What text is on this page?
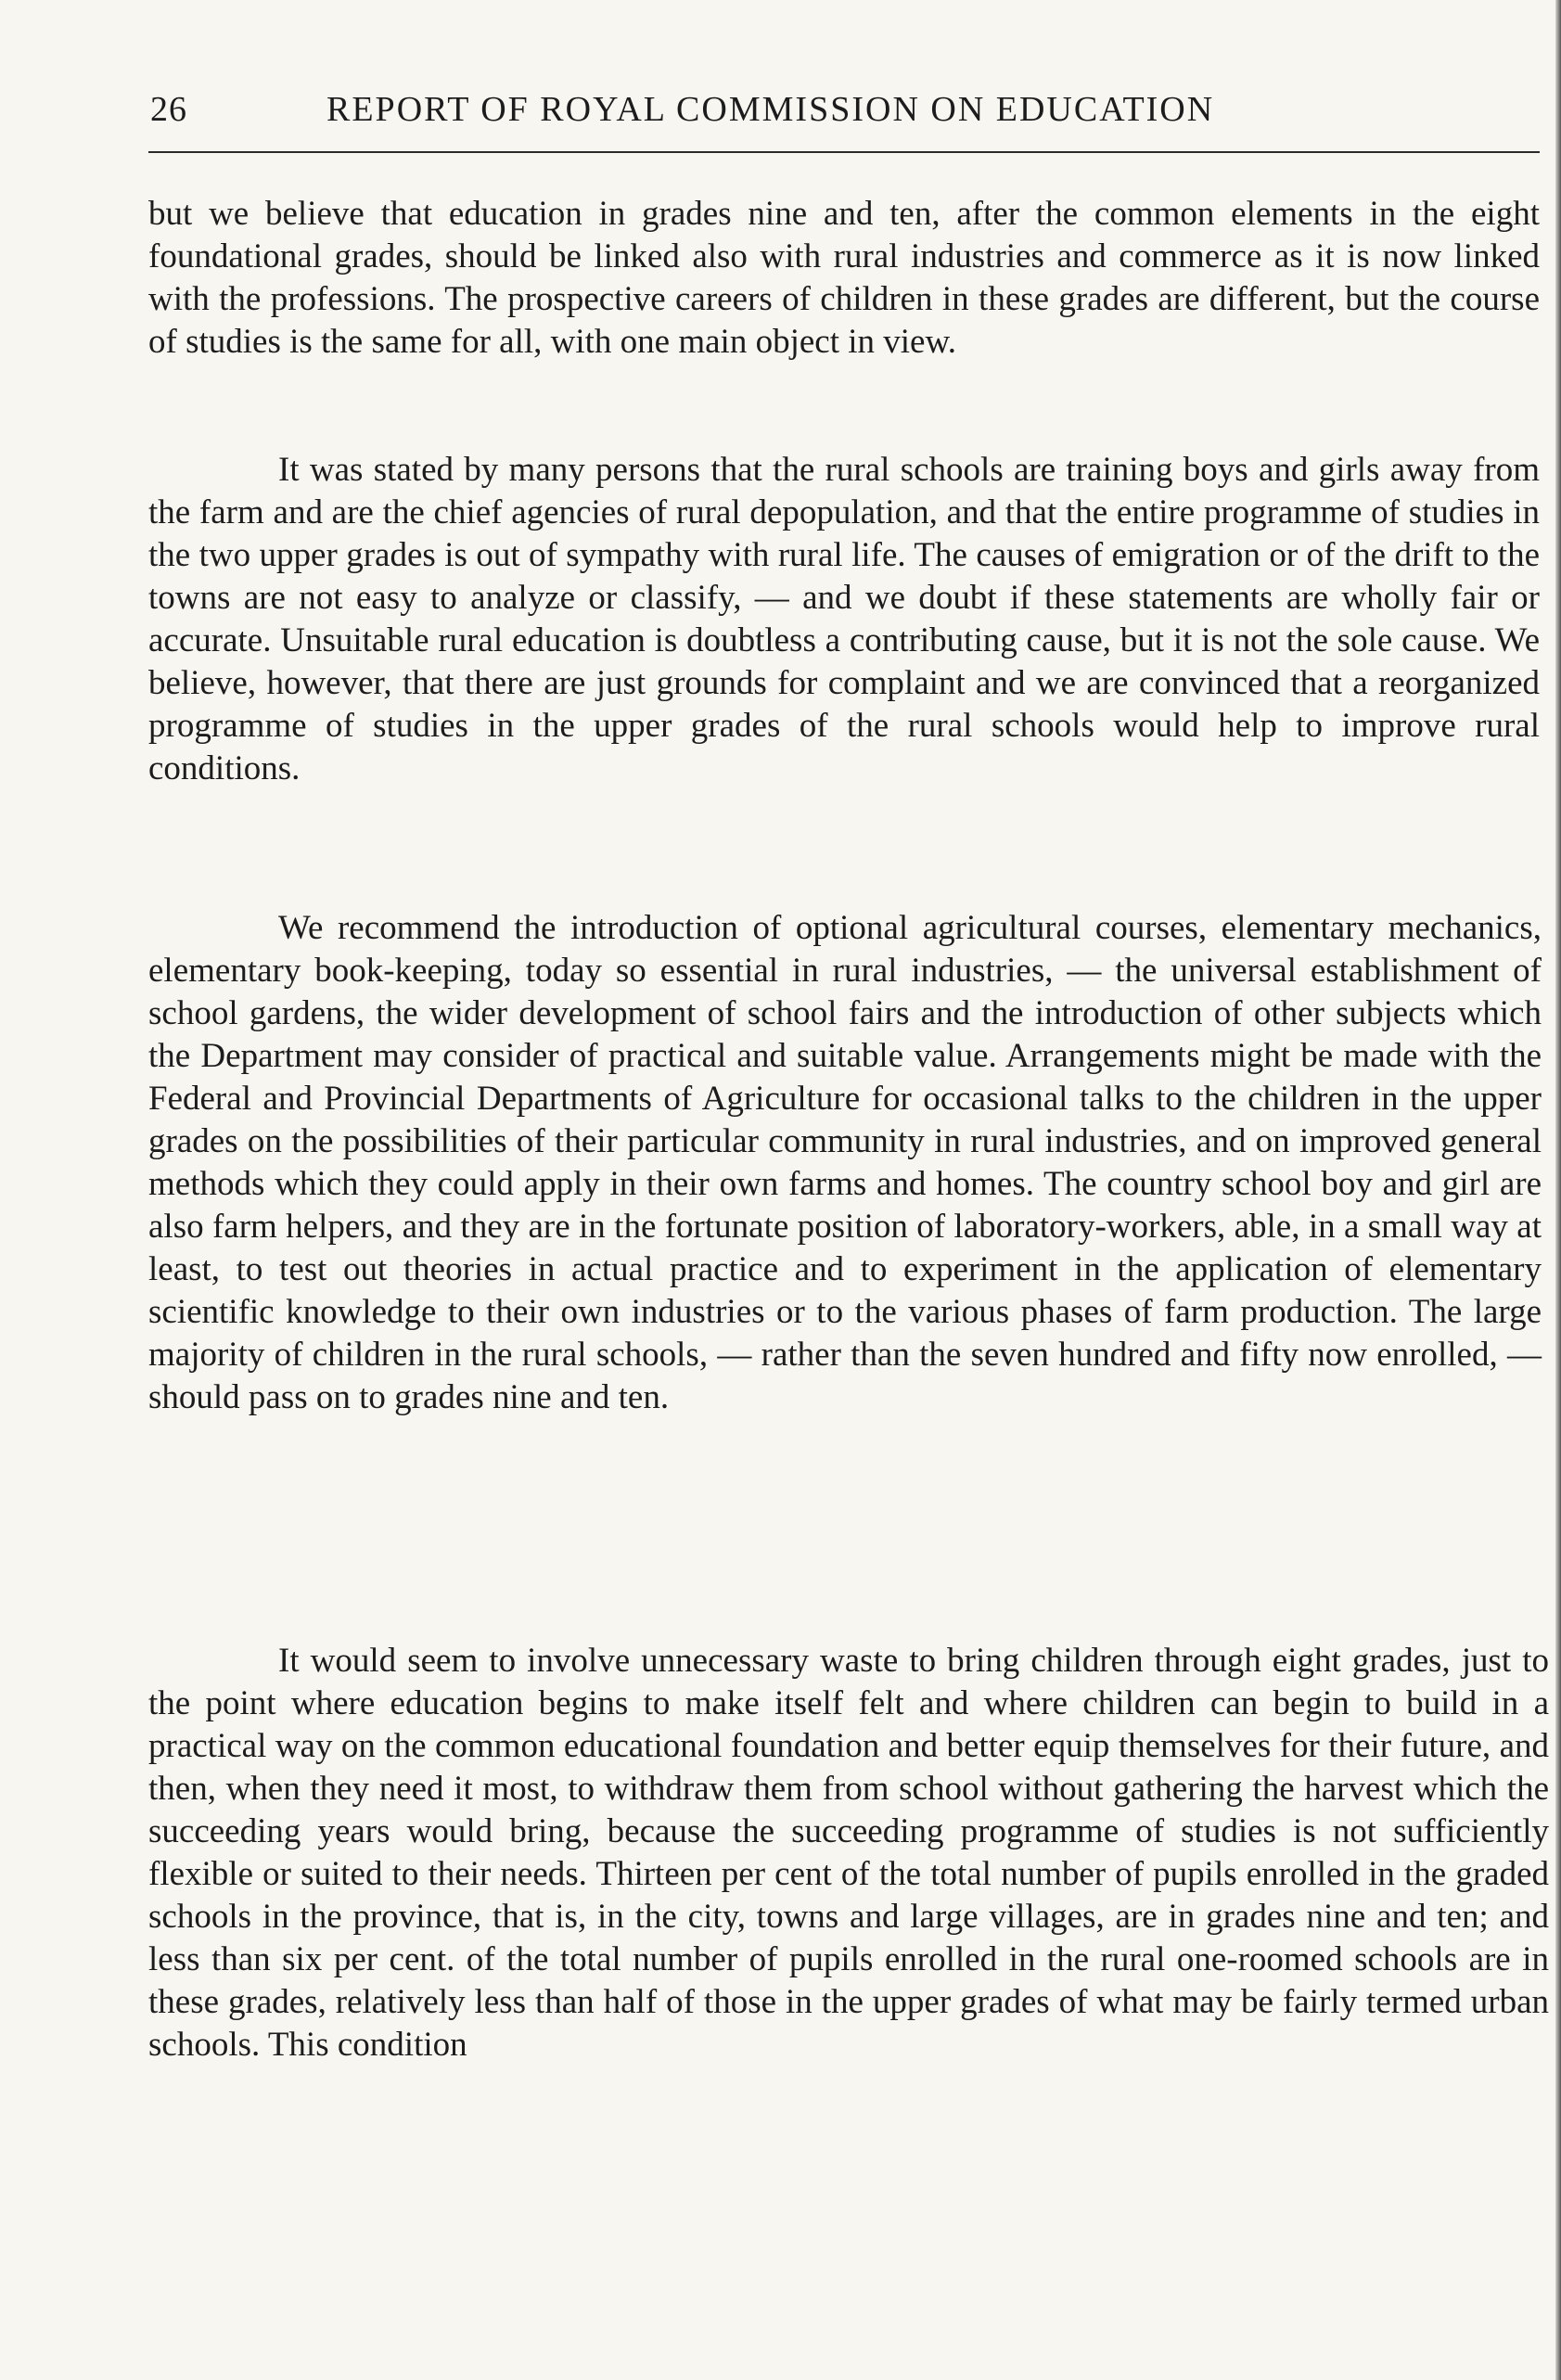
26	REPORT OF ROYAL COMMISSION ON EDUCATION

but we believe that education in grades nine and ten, after the common elements in the eight foundational grades, should be linked also with rural industries and commerce as it is now linked with the professions. The prospective careers of children in these grades are different, but the course of studies is the same for all, with one main object in view.

It was stated by many persons that the rural schools are training boys and girls away from the farm and are the chief agencies of rural depopulation, and that the entire programme of studies in the two upper grades is out of sympathy with rural life. The causes of emigration or of the drift to the towns are not easy to analyze or classify, — and we doubt if these statements are wholly fair or accurate. Unsuitable rural education is doubtless a contributing cause, but it is not the sole cause. We believe, however, that there are just grounds for complaint and we are convinced that a reorganized programme of studies in the upper grades of the rural schools would help to improve rural conditions.

We recommend the introduction of optional agricultural courses, elementary mechanics, elementary book-keeping, today so essential in rural industries, — the universal establishment of school gardens, the wider development of school fairs and the introduction of other subjects which the Department may consider of practical and suitable value. Arrangements might be made with the Federal and Provincial Departments of Agriculture for occasional talks to the children in the upper grades on the possibilities of their particular community in rural industries, and on improved general methods which they could apply in their own farms and homes. The country school boy and girl are also farm helpers, and they are in the fortunate position of laboratory-workers, able, in a small way at least, to test out theories in actual practice and to experiment in the application of elementary scientific knowledge to their own industries or to the various phases of farm production. The large majority of children in the rural schools, — rather than the seven hundred and fifty now enrolled, — should pass on to grades nine and ten.

It would seem to involve unnecessary waste to bring children through eight grades, just to the point where education begins to make itself felt and where children can begin to build in a practical way on the common educational foundation and better equip themselves for their future, and then, when they need it most, to withdraw them from school without gathering the harvest which the succeeding years would bring, because the succeeding programme of studies is not sufficiently flexible or suited to their needs. Thirteen per cent of the total number of pupils enrolled in the graded schools in the province, that is, in the city, towns and large villages, are in grades nine and ten; and less than six per cent. of the total number of pupils enrolled in the rural one-roomed schools are in these grades, relatively less than half of those in the upper grades of what may be fairly termed urban schools. This condition
